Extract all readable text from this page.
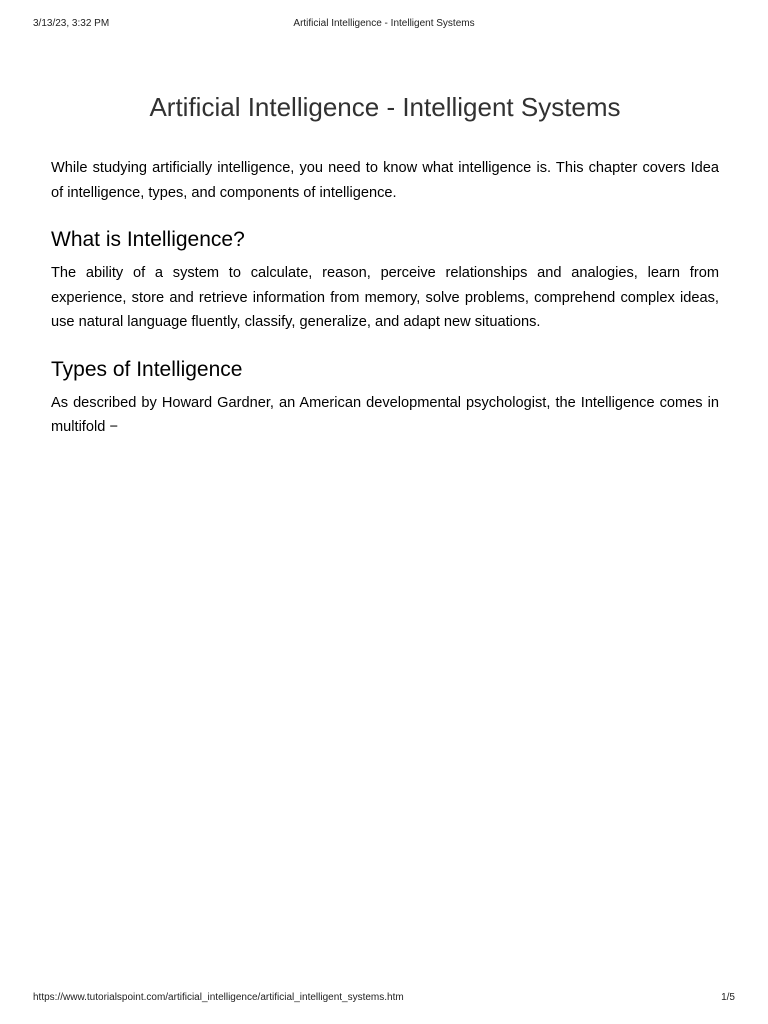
3/13/23, 3:32 PM	Artificial Intelligence - Intelligent Systems
Artificial Intelligence - Intelligent Systems

While studying artificially intelligence, you need to know what intelligence is. This chapter covers Idea of intelligence, types, and components of intelligence.

What is Intelligence?

The ability of a system to calculate, reason, perceive relationships and analogies, learn from experience, store and retrieve information from memory, solve problems, comprehend complex ideas, use natural language fluently, classify, generalize, and adapt new situations.

Types of Intelligence

As described by Howard Gardner, an American developmental psychologist, the Intelligence comes in multifold −

https://www.tutorialspoint.com/artificial_intelligence/artificial_intelligent_systems.htm	1/5
